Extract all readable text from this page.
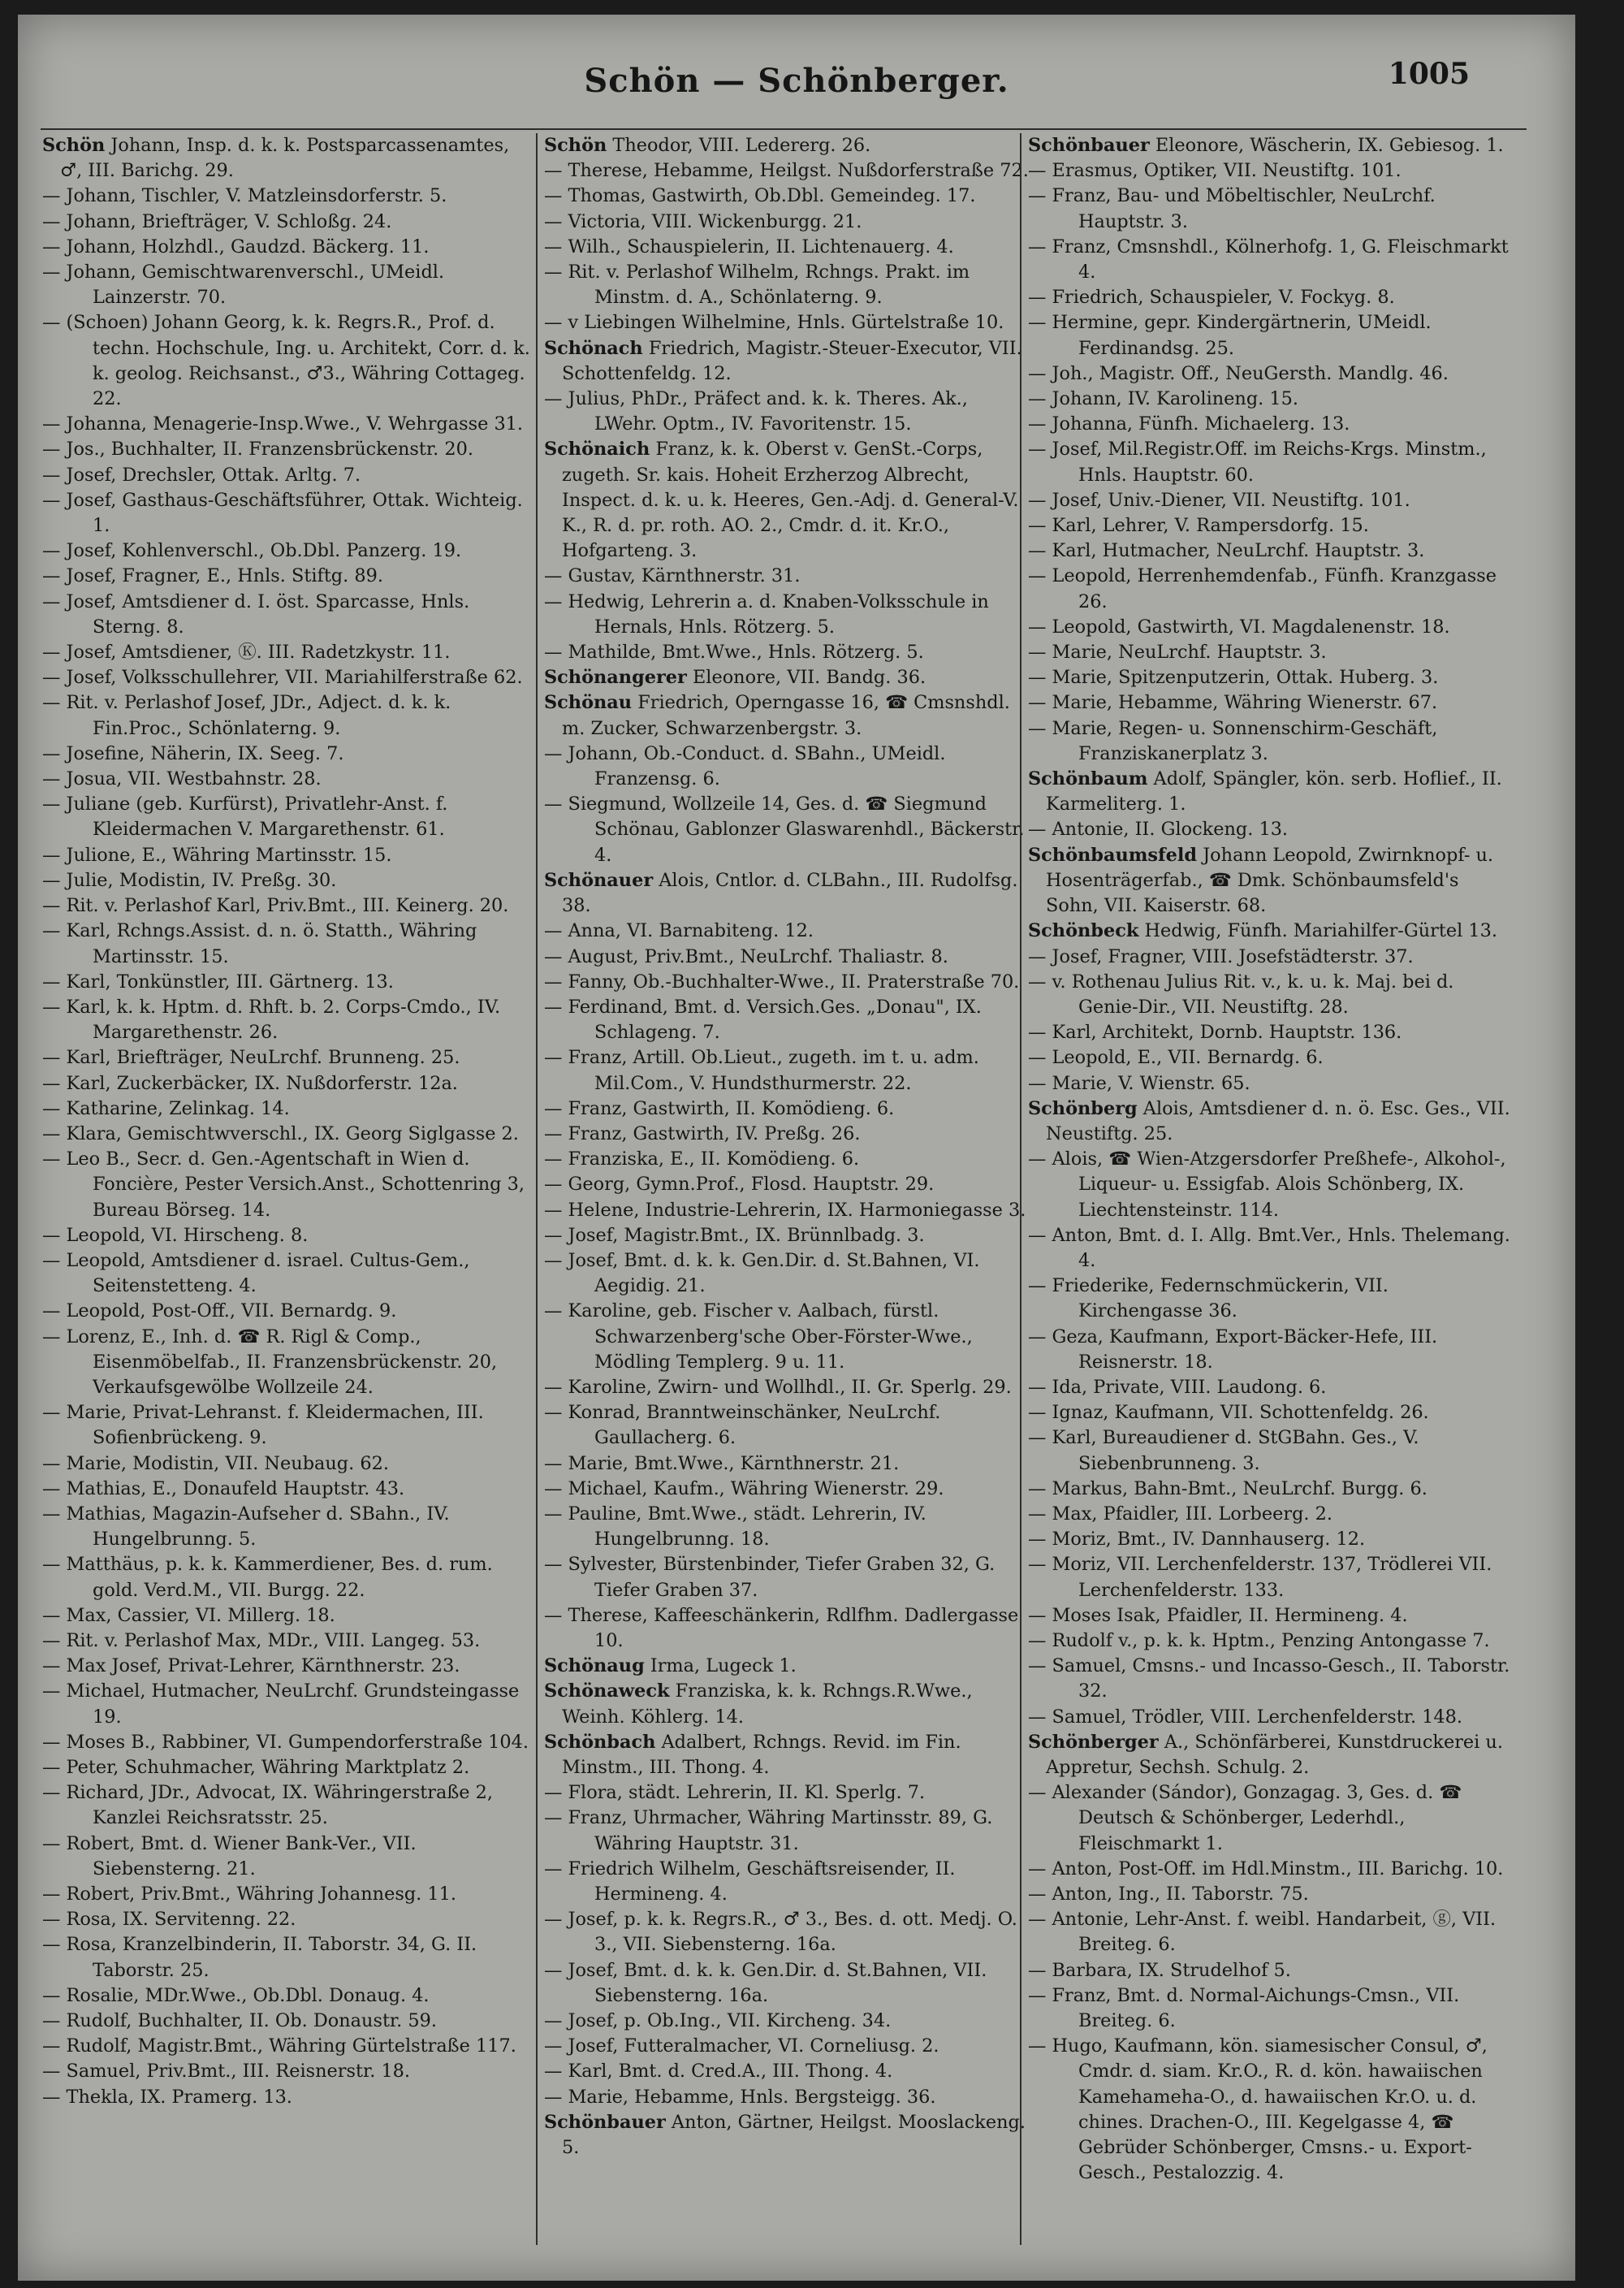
Schön — Schönberger.	1005
Schön Johann, Insp. d. k. k. Postsparcassenamtes, ♂, III. Barichg. 29.
— Johann, Tischler, V. Matzleinsdorferstr. 5.
— Johann, Briefträger, V. Schloßg. 24.
— Johann, Holzhdl., Gaudzd. Bäckerg. 11.
— Johann, Gemischtwarenverschl., UMeidl. Lainzerstr. 70.
— (Schoen) Johann Georg, k. k. Regrs.R., Prof. d. techn. Hochschule, Ing. u. Architekt, Corr. d. k. k. geolog. Reichsanst., ♂3., Währing Cottageg. 22.
— Johanna, Menagerie-Insp.Wwe., V. Wehrgasse 31.
— Jos., Buchhalter, II. Franzensbrückenstr. 20.
— Josef, Drechsler, Ottak. Arltg. 7.
— Josef, Gasthaus-Geschäftsführer, Ottak. Wichteig. 1.
— Josef, Kohlenverschl., Ob.Dbl. Panzerg. 19.
— Josef, Fragner, E., Hnls. Stiftg. 89.
— Josef, Amtsdiener d. I. öst. Sparcasse, Hnls. Sterng. 8.
— Josef, Amtsdiener, Ⓚ. III. Radetzkystr. 11.
— Josef, Volksschullehrer, VII. Mariahilferstraße 62.
— Rit. v. Perlashof Josef, JDr., Adject. d. k. k. Fin.Proc., Schönlaterng. 9.
— Josefine, Näherin, IX. Seeg. 7.
— Josua, VII. Westbahnstr. 28.
— Juliane (geb. Kurfürst), Privatlehr-Anst. f. Kleidermachen V. Margarethenstr. 61.
— Julione, E., Währing Martinsstr. 15.
— Julie, Modistin, IV. Preßg. 30.
— Rit. v. Perlashof Karl, Priv.Bmt., III. Keinerg. 20.
— Karl, Rchngs.Assist. d. n. ö. Statth., Währing Martinsstr. 15.
— Karl, Tonkünstler, III. Gärtnerg. 13.
— Karl, k. k. Hptm. d. Rhft. b. 2. Corps-Cmdo., IV. Margarethenstr. 26.
— Karl, Briefträger, NeuLrchf. Brunneng. 25.
— Karl, Zuckerbäcker, IX. Nußdorferstr. 12a.
— Katharine, Zelinkag. 14.
— Klara, Gemischtwverschl., IX. Georg Siglgasse 2.
— Leo B., Secr. d. Gen.-Agentschaft in Wien d. Foncière, Pester Versich.Anst., Schottenring 3, Bureau Börseg. 14.
— Leopold, VI. Hirscheng. 8.
— Leopold, Amtsdiener d. israel. Cultus-Gem., Seitenstetteng. 4.
— Leopold, Post-Off., VII. Bernardg. 9.
— Lorenz, E., Inh. d. ☎ R. Rigl & Comp., Eisenmöbelfab., II. Franzensbrückenstr. 20, Verkaufsgewölbe Wollzeile 24.
— Marie, Privat-Lehranst. f. Kleidermachen, III. Sofienbrückeng. 9.
— Marie, Modistin, VII. Neubaug. 62.
— Mathias, E., Donaufeld Hauptstr. 43.
— Mathias, Magazin-Aufseher d. SBahn., IV. Hungelbrunng. 5.
— Matthäus, p. k. k. Kammerdiener, Bes. d. rum. gold. Verd.M., VII. Burgg. 22.
— Max, Cassier, VI. Millerg. 18.
— Rit. v. Perlashof Max, MDr., VIII. Langeg. 53.
— Max Josef, Privat-Lehrer, Kärnthnerstr. 23.
— Michael, Hutmacher, NeuLrchf. Grundsteingasse 19.
— Moses B., Rabbiner, VI. Gumpendorferstraße 104.
— Peter, Schuhmacher, Währing Marktplatz 2.
— Richard, JDr., Advocat, IX. Währingerstraße 2, Kanzlei Reichsratsstr. 25.
— Robert, Bmt. d. Wiener Bank-Ver., VII. Siebensterng. 21.
— Robert, Priv.Bmt., Währing Johannesg. 11.
— Rosa, IX. Servitenng. 22.
— Rosa, Kranzelbinderin, II. Taborstr. 34, G. II. Taborstr. 25.
— Rosalie, MDr.Wwe., Ob.Dbl. Donaug. 4.
— Rudolf, Buchhalter, II. Ob. Donaustr. 59.
— Rudolf, Magistr.Bmt., Währing Gürtelstraße 117.
— Samuel, Priv.Bmt., III. Reisnerstr. 18.
— Thekla, IX. Pramerg. 13.
Schön Theodor, VIII. Ledererg. 26.
— Therese, Hebamme, Heilgst. Nußdorferstraße 72.
— Thomas, Gastwirth, Ob.Dbl. Gemeindeg. 17.
— Victoria, VIII. Wickenburgg. 21.
— Wilh., Schauspielerin, II. Lichtenauerg. 4.
— Rit. v. Perlashof Wilhelm, Rchngs. Prakt. im Minstm. d. A., Schönlaterng. 9.
— v Liebingen Wilhelmine, Hnls. Gürtelstraße 10.
Schönach Friedrich, Magistr.-Steuer-Executor, VII. Schottenfeldg. 12.
— Julius, PhDr., Präfect and. k. k. Theres. Ak., LWehr. Optm., IV. Favoritenstr. 15.
Schönaich Franz, k. k. Oberst v. GenSt.-Corps, zugeth. Sr. kais. Hoheit Erzherzog Albrecht, Inspect. d. k. u. k. Heeres, Gen.-Adj. d. General-V. K., R. d. pr. roth. AO. 2., Cmdr. d. it. Kr.O., Hofgarteng. 3.
— Gustav, Kärnthnerstr. 31.
— Hedwig, Lehrerin a. d. Knaben-Volksschule in Hernals, Hnls. Rötzerg. 5.
— Mathilde, Bmt.Wwe., Hnls. Rötzerg. 5.
Schönangerer Eleonore, VII. Bandg. 36.
Schönau Friedrich, Operngasse 16, ☎ Cmsnshdl. m. Zucker, Schwarzenbergstr. 3.
— Johann, Ob.-Conduct. d. SBahn., UMeidl. Franzensg. 6.
— Siegmund, Wollzeile 14, Ges. d. ☎ Siegmund Schönau, Gablonzer Glaswarenhdl., Bäckerstr. 4.
Schönauer Alois, Cntlor. d. CLBahn., III. Rudolfsg. 38.
— Anna, VI. Barnabiteng. 12.
— August, Priv.Bmt., NeuLrchf. Thaliastr. 8.
— Fanny, Ob.-Buchhalter-Wwe., II. Praterstraße 70.
— Ferdinand, Bmt. d. Versich.Ges. „Donau", IX. Schlageng. 7.
— Franz, Artill. Ob.Lieut., zugeth. im t. u. adm. Mil.Com., V. Hundsthurmerstr. 22.
— Franz, Gastwirth, II. Komödieng. 6.
— Franz, Gastwirth, IV. Preßg. 26.
— Franziska, E., II. Komödieng. 6.
— Georg, Gymn.Prof., Flosd. Hauptstr. 29.
— Helene, Industrie-Lehrerin, IX. Harmoniegasse 3.
— Josef, Magistr.Bmt., IX. Brünnlbadg. 3.
— Josef, Bmt. d. k. k. Gen.Dir. d. St.Bahnen, VI. Aegidig. 21.
— Karoline, geb. Fischer v. Aalbach, fürstl. Schwarzenberg'sche Ober-Förster-Wwe., Mödling Templerg. 9 u. 11.
— Karoline, Zwirn- und Wollhdl., II. Gr. Sperlg. 29.
— Konrad, Branntweinschänker, NeuLrchf. Gaullacherg. 6.
— Marie, Bmt.Wwe., Kärnthnerstr. 21.
— Michael, Kaufm., Währing Wienerstr. 29.
— Pauline, Bmt.Wwe., städt. Lehrerin, IV. Hungelbrunng. 18.
— Sylvester, Bürstenbinder, Tiefer Graben 32, G. Tiefer Graben 37.
— Therese, Kaffeeschänkerin, Rdlfhm. Dadlergasse 10.
Schönaug Irma, Lugeck 1.
Schönaweck Franziska, k. k. Rchngs.R.Wwe., Weinh. Köhlerg. 14.
Schönbach Adalbert, Rchngs. Revid. im Fin. Minstm., III. Thong. 4.
— Flora, städt. Lehrerin, II. Kl. Sperlg. 7.
— Franz, Uhrmacher, Währing Martinsstr. 89, G. Währing Hauptstr. 31.
— Friedrich Wilhelm, Geschäftsreisender, II. Hermineng. 4.
— Josef, p. k. k. Regrs.R., ♂ 3., Bes. d. ott. Medj. O. 3., VII. Siebensterng. 16a.
— Josef, Bmt. d. k. k. Gen.Dir. d. St.Bahnen, VII. Siebensterng. 16a.
— Josef, p. Ob.Ing., VII. Kircheng. 34.
— Josef, Futteralmacher, VI. Corneliusg. 2.
— Karl, Bmt. d. Cred.A., III. Thong. 4.
— Marie, Hebamme, Hnls. Bergsteigg. 36.
Schönbauer Anton, Gärtner, Heilgst. Mooslackeng. 5.
Schönbauer Eleonore, Wäscherin, IX. Gebiesog. 1.
— Erasmus, Optiker, VII. Neustiftg. 101.
— Franz, Bau- und Möbeltischler, NeuLrchf. Hauptstr. 3.
— Franz, Cmsnshdl., Kölnerhofg. 1, G. Fleischmarkt 4.
— Friedrich, Schauspieler, V. Fockyg. 8.
— Hermine, gepr. Kindergärtnerin, UMeidl. Ferdinandsg. 25.
— Joh., Magistr. Off., NeuGersth. Mandlg. 46.
— Johann, IV. Karolineng. 15.
— Johanna, Fünfh. Michaelerg. 13.
— Josef, Mil.Registr.Off. im Reichs-Krgs. Minstm., Hnls. Hauptstr. 60.
— Josef, Univ.-Diener, VII. Neustiftg. 101.
— Karl, Lehrer, V. Rampersdorfg. 15.
— Karl, Hutmacher, NeuLrchf. Hauptstr. 3.
— Leopold, Herrenhemdenfab., Fünfh. Kranzgasse 26.
— Leopold, Gastwirth, VI. Magdalenenstr. 18.
— Marie, NeuLrchf. Hauptstr. 3.
— Marie, Spitzenputzerin, Ottak. Huberg. 3.
— Marie, Hebamme, Währing Wienerstr. 67.
— Marie, Regen- u. Sonnenschirm-Geschäft, Franziskanerplatz 3.
Schönbaum Adolf, Spängler, kön. serb. Hoflief., II. Karmeliterg. 1.
— Antonie, II. Glockeng. 13.
Schönbaumsfeld Johann Leopold, Zwirnknopf- u. Hosenträgerfab., ☎ Dmk. Schönbaumsfeld's Sohn, VII. Kaiserstr. 68.
Schönbeck Hedwig, Fünfh. Mariahilfer-Gürtel 13.
— Josef, Fragner, VIII. Josefstädterstr. 37.
— v. Rothenau Julius Rit. v., k. u. k. Maj. bei d. Genie-Dir., VII. Neustiftg. 28.
— Karl, Architekt, Dornb. Hauptstr. 136.
— Leopold, E., VII. Bernardg. 6.
— Marie, V. Wienstr. 65.
Schönberg Alois, Amtsdiener d. n. ö. Esc. Ges., VII. Neustiftg. 25.
— Alois, ☎ Wien-Atzgersdorfer Preßhefe-, Alkohol-, Liqueur- u. Essigfab. Alois Schönberg, IX. Liechtensteinstr. 114.
— Anton, Bmt. d. I. Allg. Bmt.Ver., Hnls. Thelemang. 4.
— Friederike, Federnschmückerin, VII. Kirchengasse 36.
— Geza, Kaufmann, Export-Bäcker-Hefe, III. Reisnerstr. 18.
— Ida, Private, VIII. Laudong. 6.
— Ignaz, Kaufmann, VII. Schottenfeldg. 26.
— Karl, Bureaudiener d. StGBahn. Ges., V. Siebenbrunneng. 3.
— Markus, Bahn-Bmt., NeuLrchf. Burgg. 6.
— Max, Pfaidler, III. Lorbeerg. 2.
— Moriz, Bmt., IV. Dannhauserg. 12.
— Moriz, VII. Lerchenfelderstr. 137, Trödlerei VII. Lerchenfelderstr. 133.
— Moses Isak, Pfaidler, II. Hermineng. 4.
— Rudolf v., p. k. k. Hptm., Penzing Antongasse 7.
— Samuel, Cmsns.- und Incasso-Gesch., II. Taborstr. 32.
— Samuel, Trödler, VIII. Lerchenfelderstr. 148.
Schönberger A., Schönfärberei, Kunstdruckerei u. Appretur, Sechsh. Schulg. 2.
— Alexander (Sándor), Gonzagag. 3, Ges. d. ☎ Deutsch & Schönberger, Lederhdl., Fleischmarkt 1.
— Anton, Post-Off. im Hdl.Minstm., III. Barichg. 10.
— Anton, Ing., II. Taborstr. 75.
— Antonie, Lehr-Anst. f. weibl. Handarbeit, ⓖ, VII. Breiteg. 6.
— Barbara, IX. Strudelhof 5.
— Franz, Bmt. d. Normal-Aichungs-Cmsn., VII. Breiteg. 6.
— Hugo, Kaufmann, kön. siamesischer Consul, ♂, Cmdr. d. siam. Kr.O., R. d. kön. hawaiischen Kamehameha-O., d. hawaiischen Kr.O. u. d. chines. Drachen-O., III. Kegelgasse 4, ☎ Gebrüder Schönberger, Cmsns.- u. Export-Gesch., Pestalozzig. 4.
